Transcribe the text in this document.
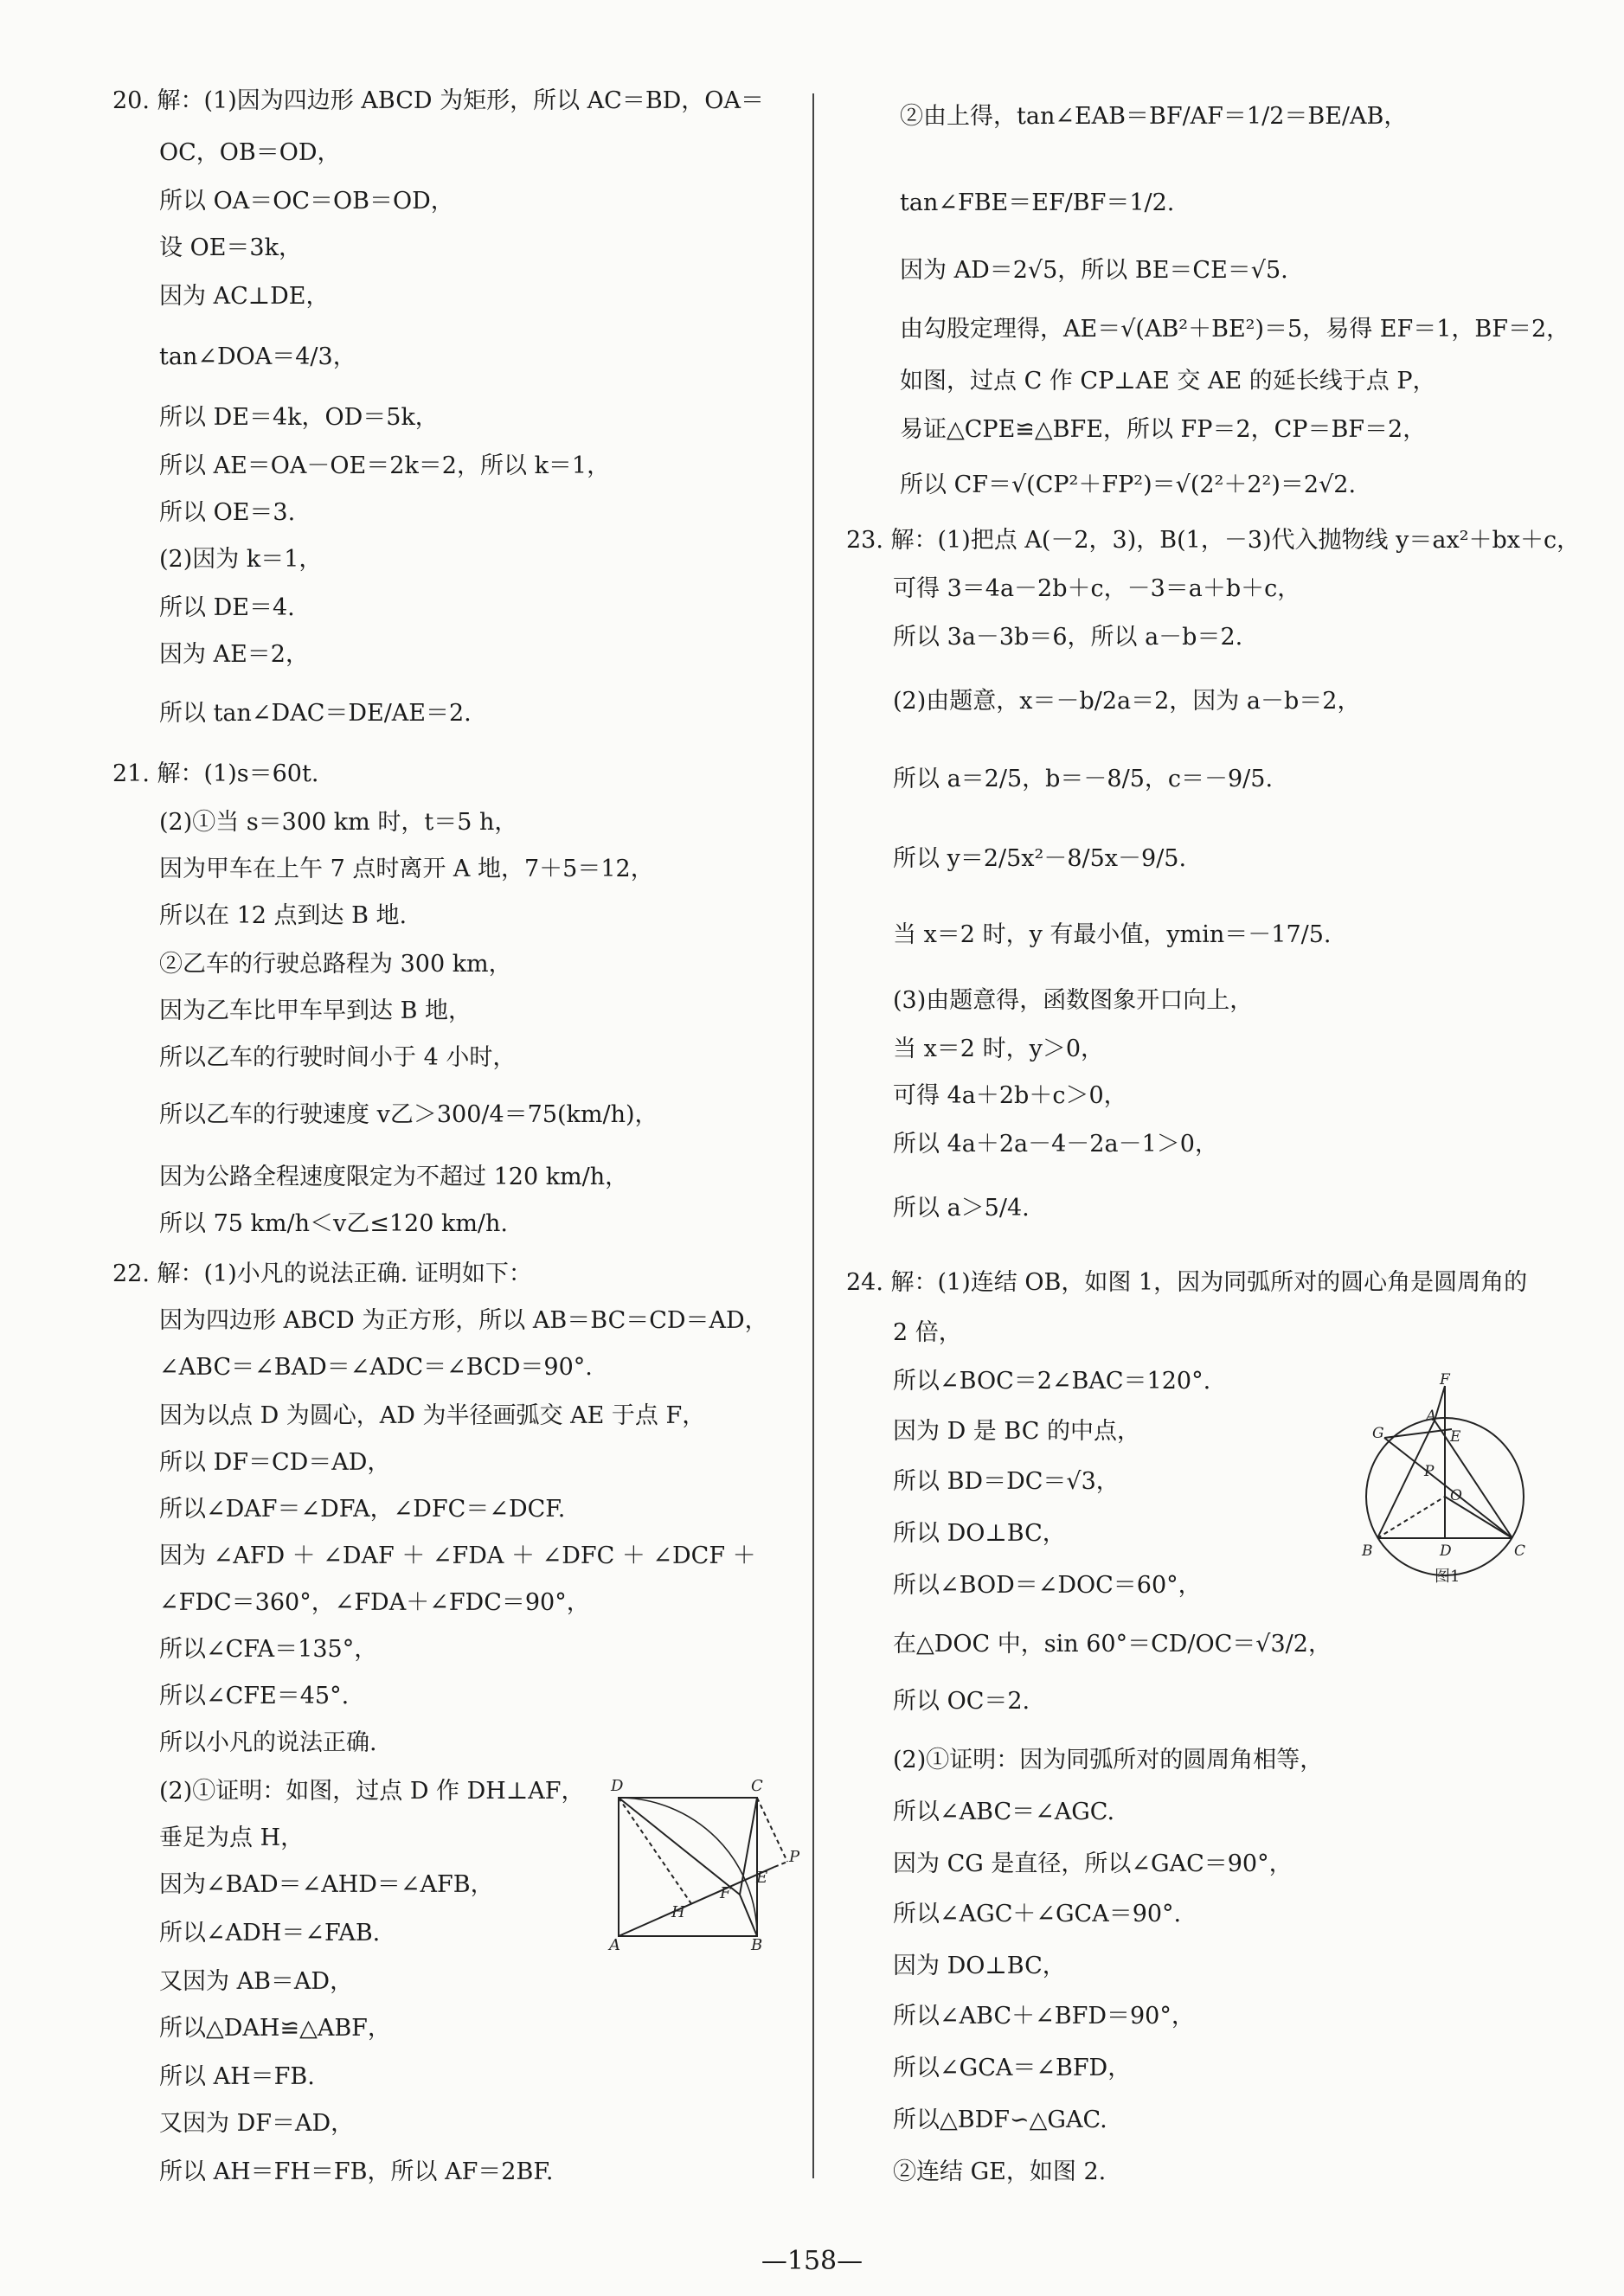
20. 解：(1)因为四边形 ABCD 为矩形，所以 AC＝BD，OA＝
OC，OB＝OD，
所以 OA＝OC＝OB＝OD，
设 OE＝3k，
因为 AC⊥DE，
tan∠DOA＝4/3，
所以 DE＝4k，OD＝5k，
所以 AE＝OA－OE＝2k＝2，所以 k＝1，
所以 OE＝3.
(2)因为 k＝1，
所以 DE＝4.
因为 AE＝2，
所以 tan∠DAC＝DE/AE＝2.
21. 解：(1)s＝60t.
(2)①当 s＝300 km 时，t＝5 h，
因为甲车在上午 7 点时离开 A 地，7＋5＝12，
所以在 12 点到达 B 地.
②乙车的行驶总路程为 300 km，
因为乙车比甲车早到达 B 地，
所以乙车的行驶时间小于 4 小时，
所以乙车的行驶速度 v乙＞300/4＝75(km/h)，
因为公路全程速度限定为不超过 120 km/h，
所以 75 km/h＜v乙≤120 km/h.
22. 解：(1)小凡的说法正确. 证明如下：
因为四边形 ABCD 为正方形，所以 AB＝BC＝CD＝AD，
∠ABC＝∠BAD＝∠ADC＝∠BCD＝90°.
因为以点 D 为圆心，AD 为半径画弧交 AE 于点 F，
所以 DF＝CD＝AD，
所以∠DAF＝∠DFA，∠DFC＝∠DCF.
因为 ∠AFD ＋ ∠DAF ＋ ∠FDA ＋ ∠DFC ＋ ∠DCF ＋
∠FDC＝360°，∠FDA＋∠FDC＝90°，
所以∠CFA＝135°，
所以∠CFE＝45°.
所以小凡的说法正确.
(2)①证明：如图，过点 D 作 DH⊥AF，
垂足为点 H，
因为∠BAD＝∠AHD＝∠AFB，
所以∠ADH＝∠FAB.
又因为 AB＝AD，
所以△DAH≌△ABF，
所以 AH＝FB.
又因为 DF＝AD，
所以 AH＝FH＝FB，所以 AF＝2BF.
D	C
P
E
F
H
A	B
②由上得，tan∠EAB＝BF/AF＝1/2＝BE/AB，
tan∠FBE＝EF/BF＝1/2.
因为 AD＝2√5，所以 BE＝CE＝√5.
由勾股定理得，AE＝√(AB²＋BE²)＝5，易得 EF＝1，BF＝2，
如图，过点 C 作 CP⊥AE 交 AE 的延长线于点 P，
易证△CPE≌△BFE，所以 FP＝2，CP＝BF＝2，
所以 CF＝√(CP²＋FP²)＝√(2²＋2²)＝2√2.
23. 解：(1)把点 A(－2，3)，B(1，－3)代入抛物线 y＝ax²＋bx＋c，
可得 3＝4a－2b＋c，－3＝a＋b＋c，
所以 3a－3b＝6，所以 a－b＝2.
(2)由题意，x＝－b/2a＝2，因为 a－b＝2，
所以 a＝2/5，b＝－8/5，c＝－9/5.
所以 y＝2/5x²－8/5x－9/5.
当 x＝2 时，y 有最小值，ymin＝－17/5.
(3)由题意得，函数图象开口向上，
当 x＝2 时，y＞0，
可得 4a＋2b＋c＞0，
所以 4a＋2a－4－2a－1＞0，
所以 a＞5/4.
24. 解：(1)连结 OB，如图 1，因为同弧所对的圆心角是圆周角的
2 倍，
所以∠BOC＝2∠BAC＝120°.
因为 D 是 BC 的中点，
所以 BD＝DC＝√3，
所以 DO⊥BC，
所以∠BOD＝∠DOC＝60°，
在△DOC 中，sin 60°＝CD/OC＝√3/2，
所以 OC＝2.
(2)①证明：因为同弧所对的圆周角相等，
所以∠ABC＝∠AGC.
因为 CG 是直径，所以∠GAC＝90°，
所以∠AGC＋∠GCA＝90°.
因为 DO⊥BC，
所以∠ABC＋∠BFD＝90°，
所以∠GCA＝∠BFD，
所以△BDF∽△GAC.
②连结 GE，如图 2.
F
A
G	E
P
O
B	D	C
图1
—158—
